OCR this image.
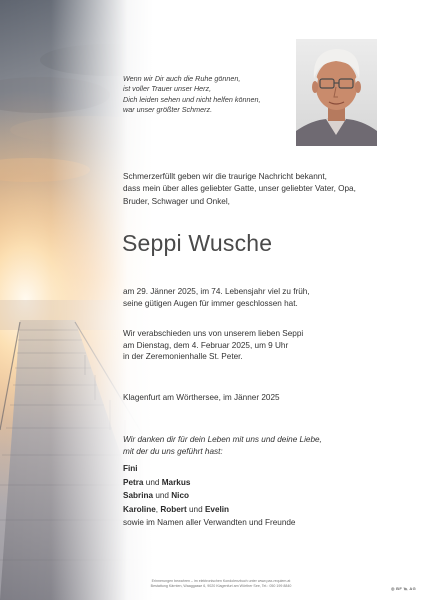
Wenn wir Dir auch die Ruhe gönnen,
ist voller Trauer unser Herz,
Dich leiden sehen und nicht helfen können,
war unser größter Schmerz.
Schmerzerfüllt geben wir die traurige Nachricht bekannt,
dass mein über alles geliebter Gatte, unser geliebter Vater, Opa,
Bruder, Schwager und Onkel,
Seppi Wusche
am 29. Jänner 2025, im 74. Lebensjahr viel zu früh,
seine gütigen Augen für immer geschlossen hat.
Wir verabschieden uns von unserem lieben Seppi
am Dienstag, dem 4. Februar 2025, um 9 Uhr
in der Zeremonienhalle St. Peter.
Klagenfurt am Wörthersee, im Jänner 2025
Wir danken dir für dein Leben mit uns und deine Liebe,
mit der du uns geführt hast:
Fini
Petra und Markus
Sabrina und Nico
Karoline, Robert und Evelin
sowie im Namen aller Verwandten und Freunde
Erinnerungen bewahren – im elektronischen Kondolenzbuch unter www.pax-requiem.at
Bestattung Kärnten, Waaggasse 6, 9020 Klagenfurt am Wörther See, Tel.: 050 199 8840	◎ BF ℡ AG
